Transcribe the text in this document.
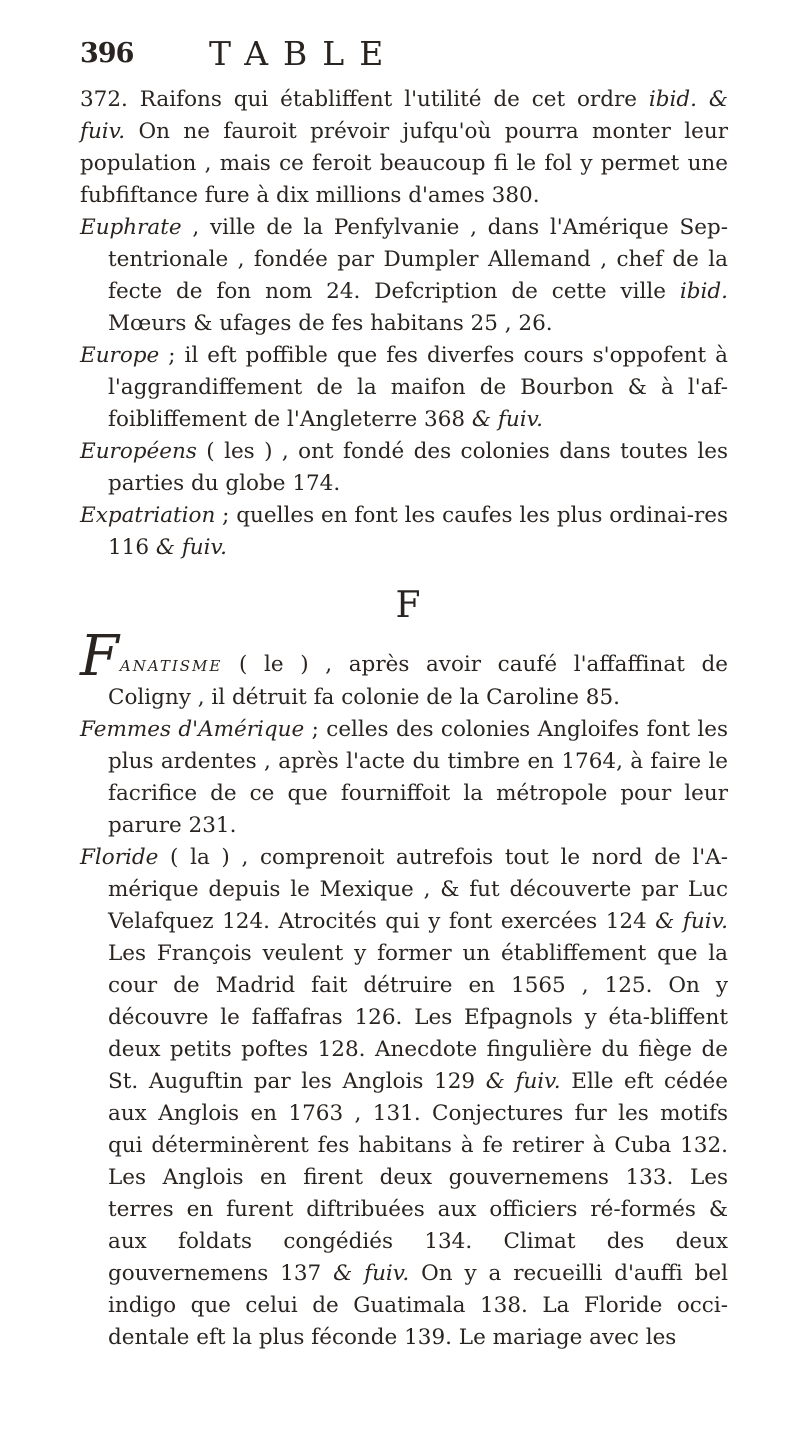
396 TABLE

372. Raifons qui établiffent l'utilité de cet ordre ibid. & fuiv. On ne fauroit prévoir jufqu'où pourra monter leur population , mais ce feroit beaucoup fi le fol y permet une fubfiftance fure à dix millions d'ames 380.

Euphrate , ville de la Penfylvanie , dans l'Amérique Sep-tentrionale , fondée par Dumpler Allemand , chef de la fecte de fon nom 24. Defcription de cette ville ibid. Mœurs & ufages de fes habitans 25 , 26.

Europe ; il eft poffible que fes diverfes cours s'oppofent à l'aggrandiffement de la maifon de Bourbon & à l'af-foibliffement de l'Angleterre 368 & fuiv.

Européens ( les ) , ont fondé des colonies dans toutes les parties du globe 174.

Expatriation ; quelles en font les caufes les plus ordinai-res 116 & fuiv.

F

FANATISME ( le ) , après avoir caufé l'affaffinat de Coligny , il détruit fa colonie de la Caroline 85.

Femmes d'Amérique ; celles des colonies Angloifes font les plus ardentes , après l'acte du timbre en 1764, à faire le facrifice de ce que fourniffoit la métropole pour leur parure 231.

Floride ( la ) , comprenoit autrefois tout le nord de l'A-mérique depuis le Mexique , & fut découverte par Luc Velafquez 124. Atrocités qui y font exercées 124 & fuiv. Les François veulent y former un établiffement que la cour de Madrid fait détruire en 1565 , 125. On y découvre le faffafras 126. Les Efpagnols y éta-bliffent deux petits poftes 128. Anecdote fingulière du fiège de St. Auguftin par les Anglois 129 & fuiv. Elle eft cédée aux Anglois en 1763 , 131. Conjectures fur les motifs qui déterminèrent fes habitans à fe retirer à Cuba 132. Les Anglois en firent deux gouvernemens 133. Les terres en furent diftribuées aux officiers ré-formés & aux foldats congédiés 134. Climat des deux gouvernemens 137 & fuiv. On y a recueilli d'auffi bel indigo que celui de Guatimala 138. La Floride occi-dentale eft la plus féconde 139. Le mariage avec les
